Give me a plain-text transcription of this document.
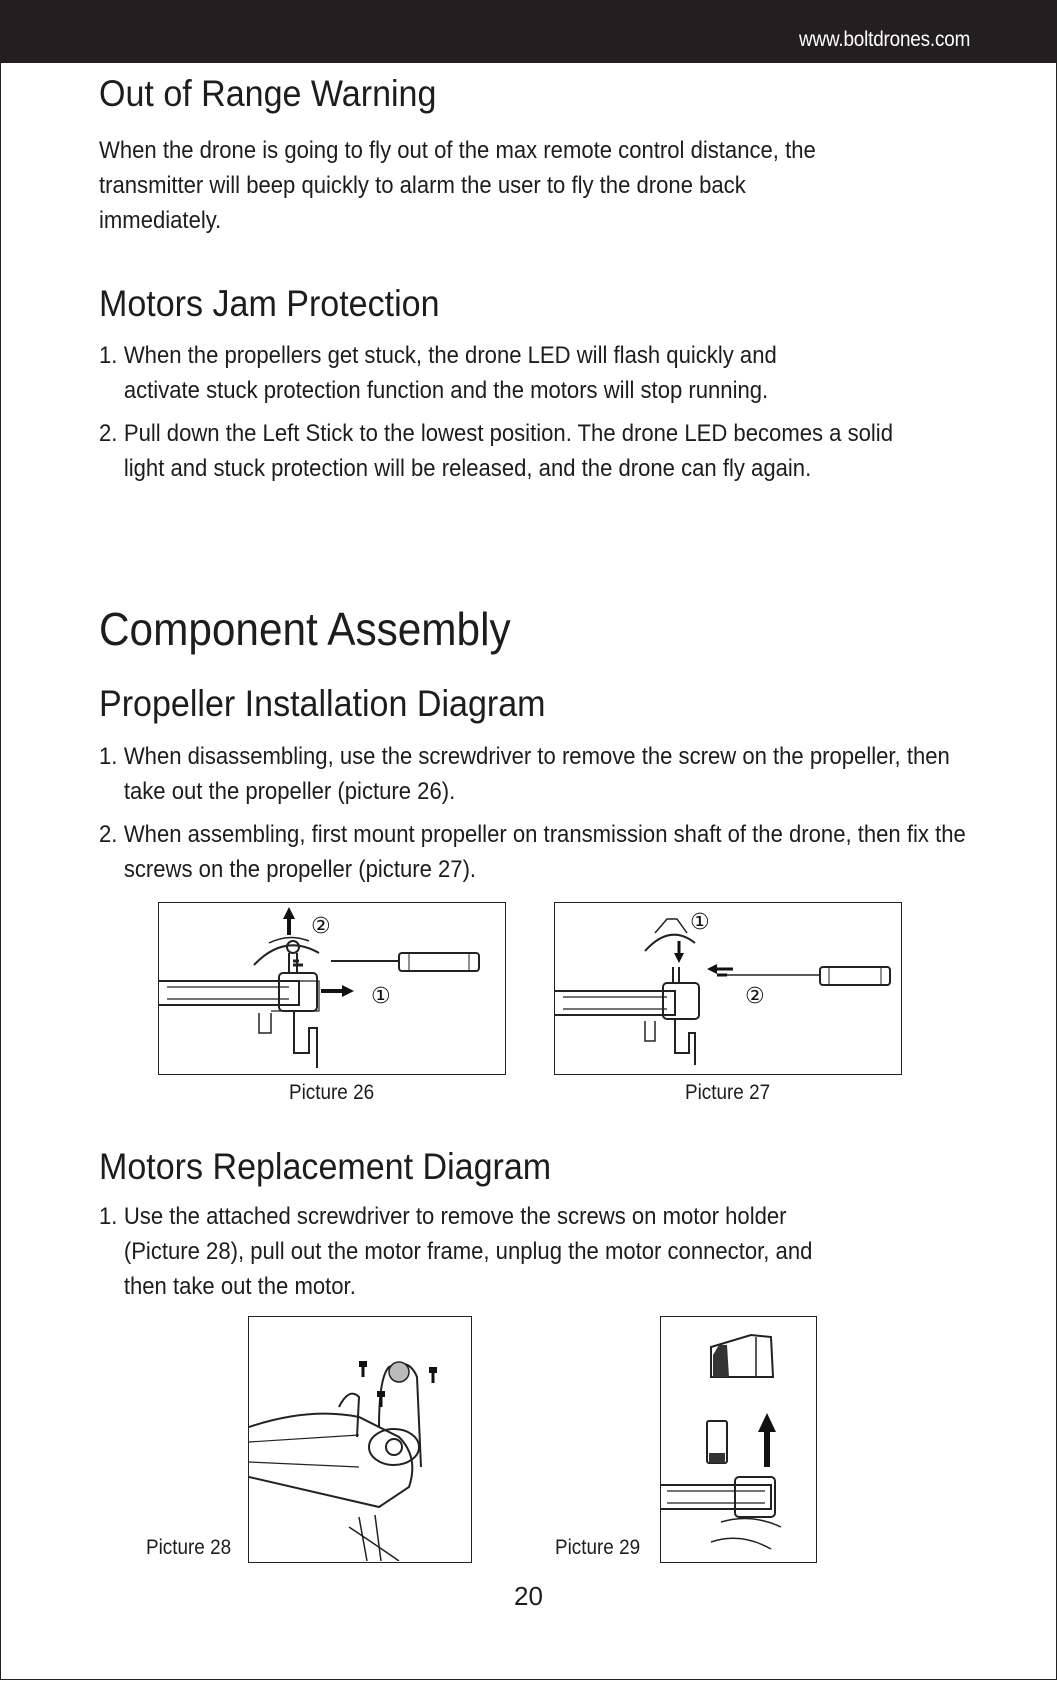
www.boltdrones.com
Out of Range Warning

When the drone is going to fly out of the max remote control distance, the transmitter will beep quickly to alarm the user to fly the drone back immediately.

Motors Jam Protection
1. When the propellers get stuck, the drone LED will flash quickly and activate stuck protection function and the motors will stop running.
2. Pull down the Left Stick to the lowest position. The drone LED becomes a solid light and stuck protection will be released, and the drone can fly again.
Component Assembly
Propeller Installation Diagram
1. When disassembling, use the screwdriver to remove the screw on the propeller, then take out the propeller (picture 26).
2. When assembling, first mount propeller on transmission shaft of the drone, then fix the screws on the propeller (picture 27).
Motors Replacement Diagram
1. Use the attached screwdriver to remove the screws on motor holder (Picture 28), pull out the motor frame, unplug the motor connector, and then take out the motor.
②
①
Picture 26
①
②
Picture 27
Picture 28	Picture 29
20
